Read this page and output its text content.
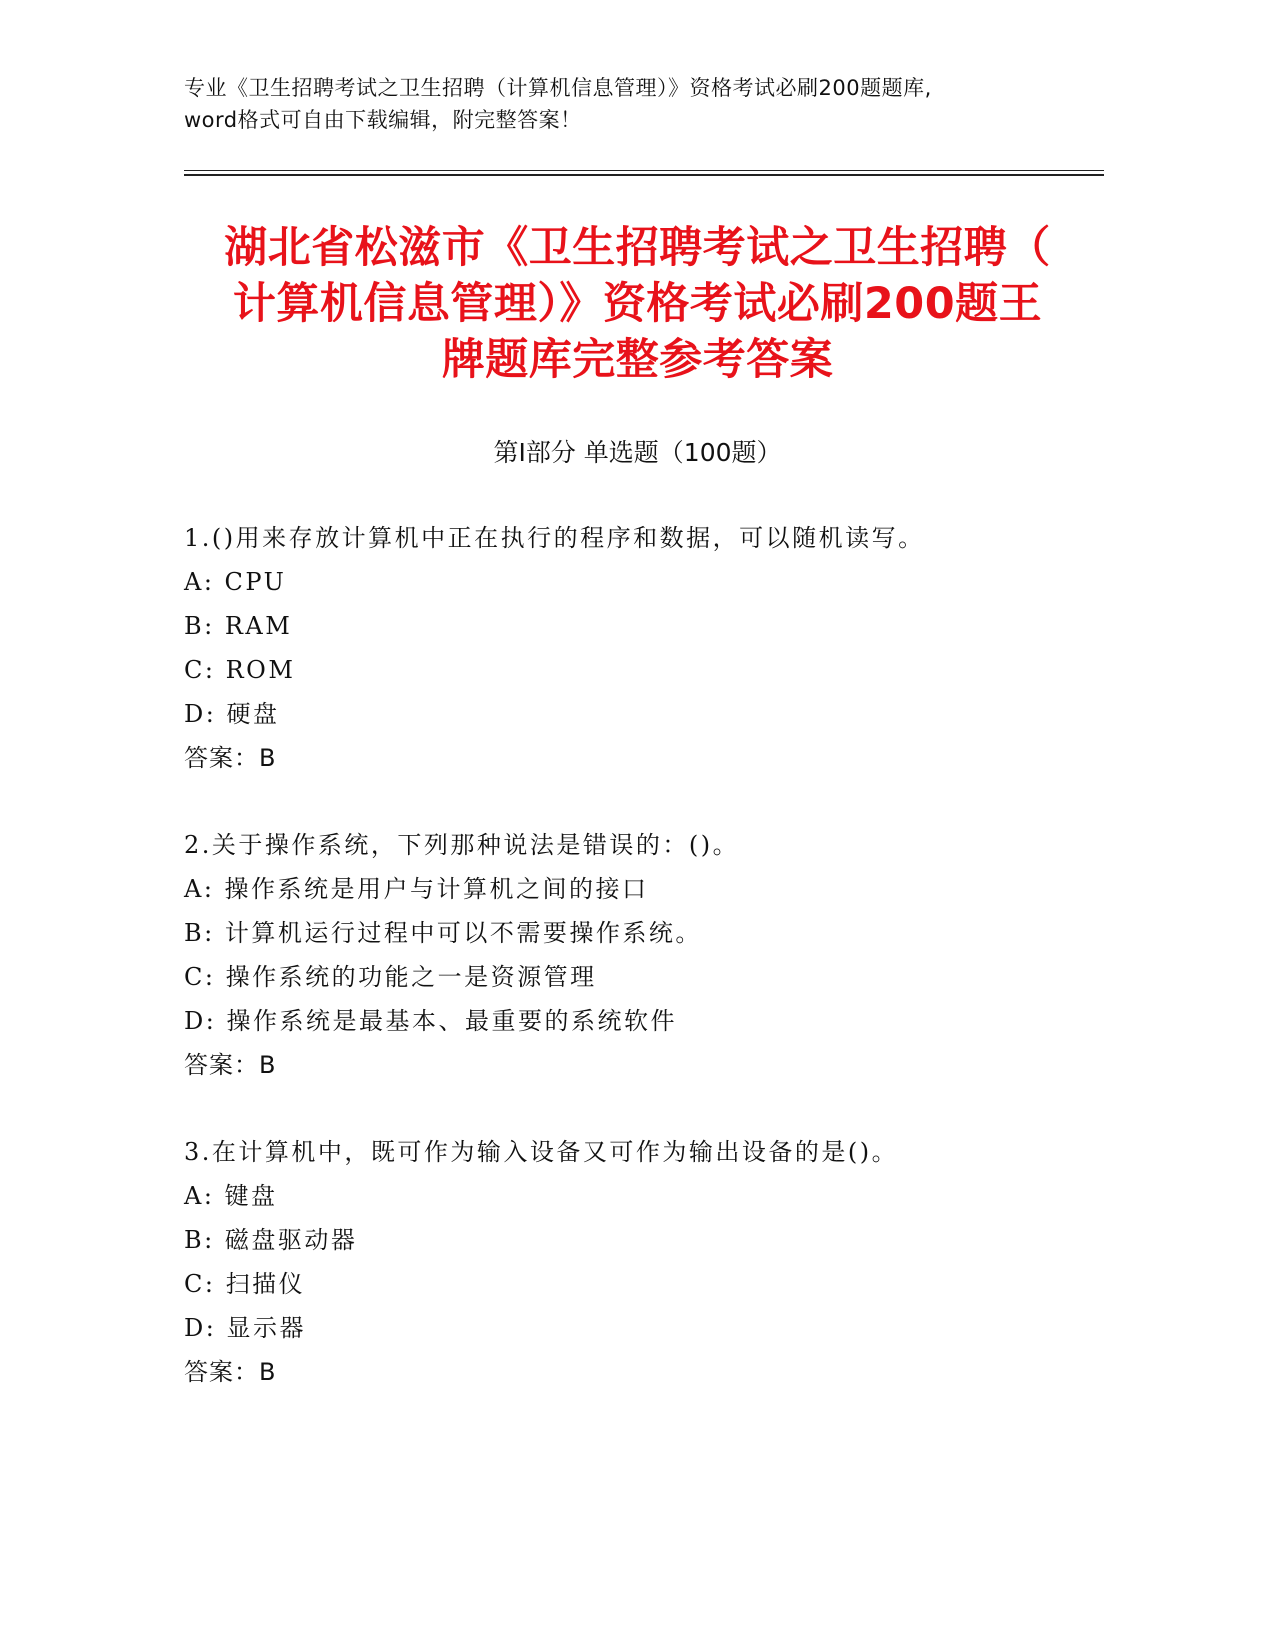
专业《卫生招聘考试之卫生招聘（计算机信息管理）》资格考试必刷200题题库,
word格式可自由下载编辑，附完整答案！
湖北省松滋市《卫生招聘考试之卫生招聘（
计算机信息管理）》资格考试必刷200题王
牌题库完整参考答案
第I部分 单选题（100题）
1.()用来存放计算机中正在执行的程序和数据，可以随机读写。
A: CPU
B: RAM
C: ROM
D: 硬盘
答案：B
2.关于操作系统，下列那种说法是错误的：()。
A: 操作系统是用户与计算机之间的接口
B: 计算机运行过程中可以不需要操作系统。
C: 操作系统的功能之一是资源管理
D: 操作系统是最基本、最重要的系统软件
答案：B
3.在计算机中，既可作为输入设备又可作为输出设备的是()。
A: 键盘
B: 磁盘驱动器
C: 扫描仪
D: 显示器
答案：B
